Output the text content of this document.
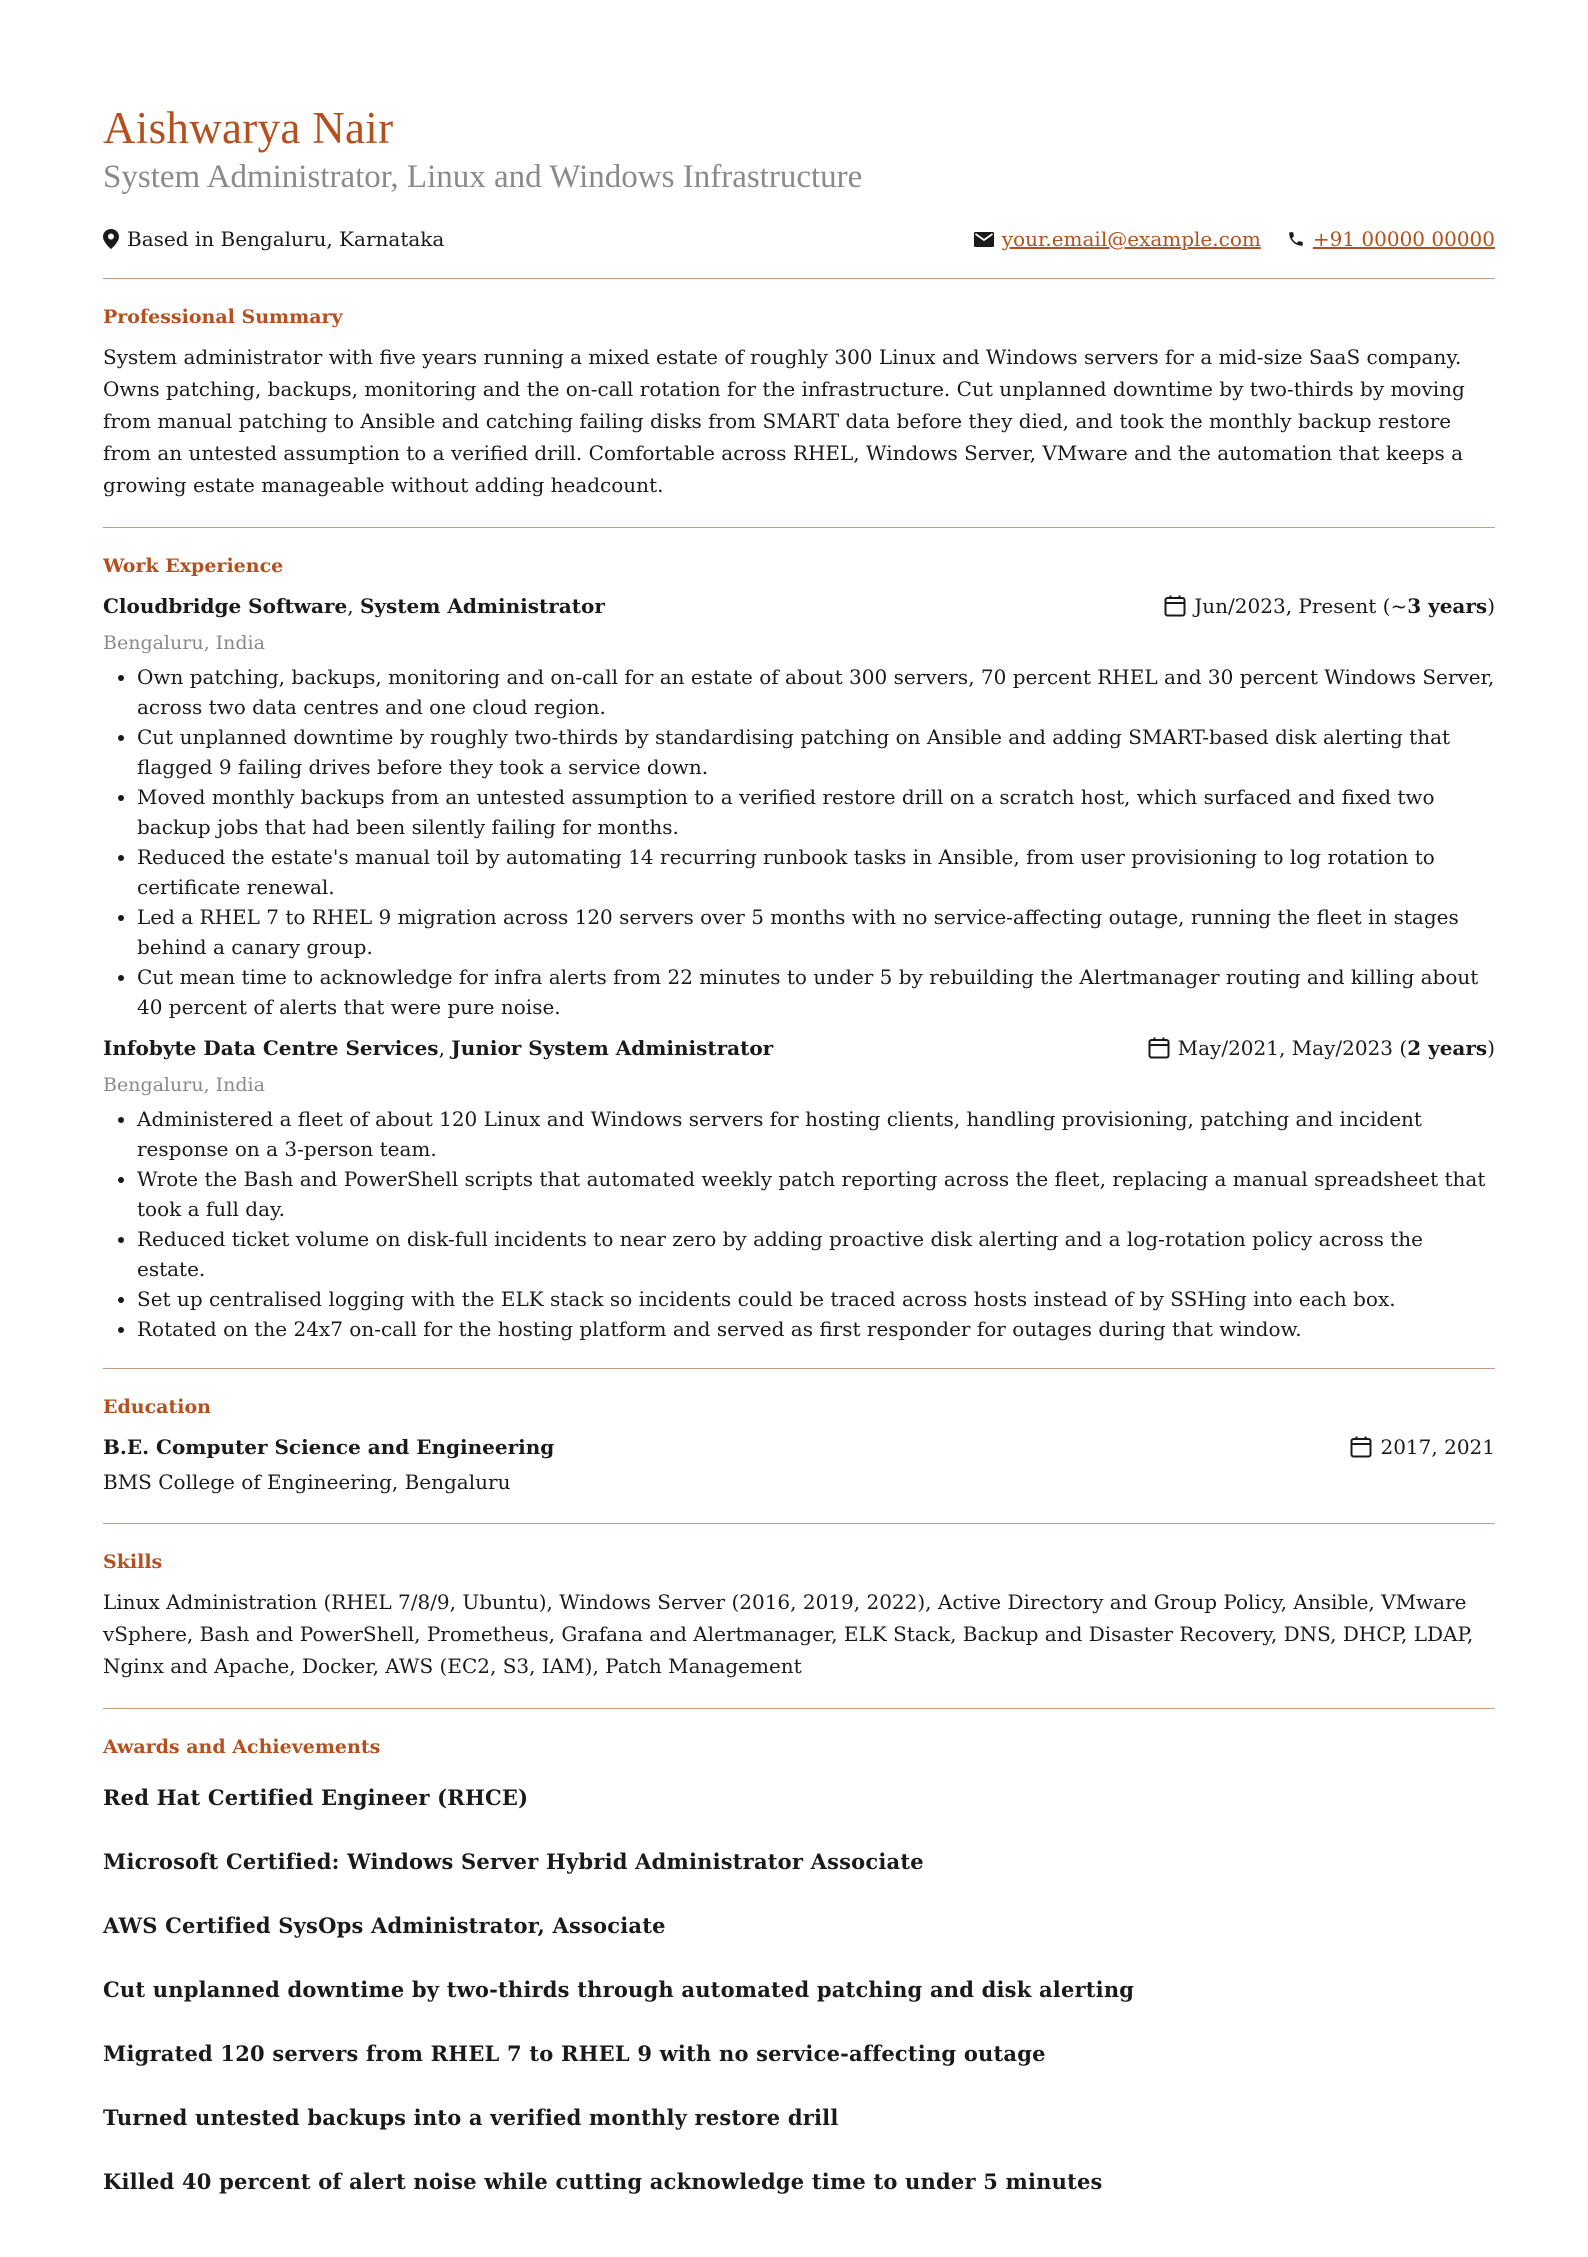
Aishwarya Nair
System Administrator, Linux and Windows Infrastructure
Based in Bengaluru, Karnataka	your.email@example.com	+91 00000 00000
Professional Summary

System administrator with five years running a mixed estate of roughly 300 Linux and Windows servers for a mid-size SaaS company. Owns patching, backups, monitoring and the on-call rotation for the infrastructure. Cut unplanned downtime by two-thirds by moving from manual patching to Ansible and catching failing disks from SMART data before they died, and took the monthly backup restore from an untested assumption to a verified drill. Comfortable across RHEL, Windows Server, VMware and the automation that keeps a growing estate manageable without adding headcount.

Work Experience
Cloudbridge Software, System Administrator	Jun/2023, Present (~ 3 years )
Bengaluru, India
• Own patching, backups, monitoring and on-call for an estate of about 300 servers, 70 percent RHEL and 30 percent Windows Server, across two data centres and one cloud region.
• Cut unplanned downtime by roughly two-thirds by standardising patching on Ansible and adding SMART-based disk alerting that flagged 9 failing drives before they took a service down.
• Moved monthly backups from an untested assumption to a verified restore drill on a scratch host, which surfaced and fixed two backup jobs that had been silently failing for months.
• Reduced the estate's manual toil by automating 14 recurring runbook tasks in Ansible, from user provisioning to log rotation to certificate renewal.
• Led a RHEL 7 to RHEL 9 migration across 120 servers over 5 months with no service-affecting outage, running the fleet in stages behind a canary group.
• Cut mean time to acknowledge for infra alerts from 22 minutes to under 5 by rebuilding the Alertmanager routing and killing about 40 percent of alerts that were pure noise.
Infobyte Data Centre Services, Junior System Administrator	May/2021, May/2023 ( 2 years )
Bengaluru, India
• Administered a fleet of about 120 Linux and Windows servers for hosting clients, handling provisioning, patching and incident response on a 3-person team.
• Wrote the Bash and PowerShell scripts that automated weekly patch reporting across the fleet, replacing a manual spreadsheet that took a full day.
• Reduced ticket volume on disk-full incidents to near zero by adding proactive disk alerting and a log-rotation policy across the estate.
• Set up centralised logging with the ELK stack so incidents could be traced across hosts instead of by SSHing into each box.
• Rotated on the 24x7 on-call for the hosting platform and served as first responder for outages during that window.
Education
B.E. Computer Science and Engineering	2017, 2021
BMS College of Engineering, Bengaluru
Skills

Linux Administration (RHEL 7/8/9, Ubuntu), Windows Server (2016, 2019, 2022), Active Directory and Group Policy, Ansible, VMware vSphere, Bash and PowerShell, Prometheus, Grafana and Alertmanager, ELK Stack, Backup and Disaster Recovery, DNS, DHCP, LDAP, Nginx and Apache, Docker, AWS (EC2, S3, IAM), Patch Management

Awards and Achievements
Red Hat Certified Engineer (RHCE)
Microsoft Certified: Windows Server Hybrid Administrator Associate
AWS Certified SysOps Administrator, Associate
Cut unplanned downtime by two-thirds through automated patching and disk alerting
Migrated 120 servers from RHEL 7 to RHEL 9 with no service-affecting outage
Turned untested backups into a verified monthly restore drill
Killed 40 percent of alert noise while cutting acknowledge time to under 5 minutes
